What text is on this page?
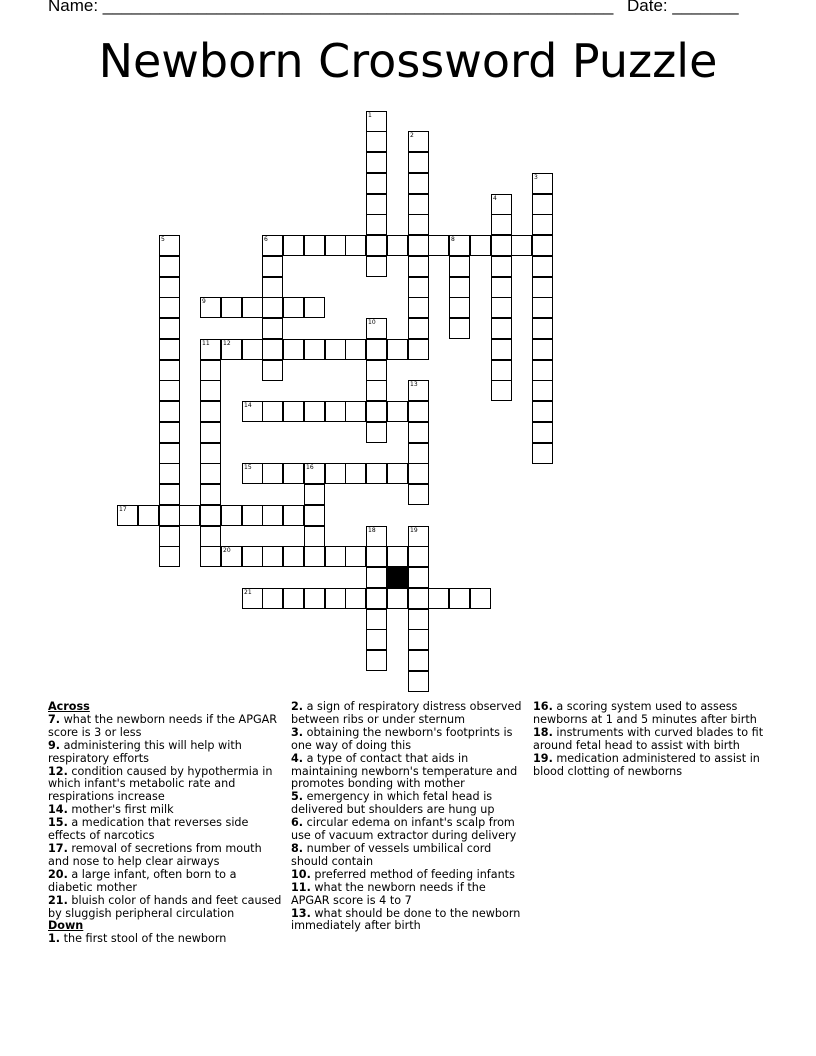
Name: ______________________________________________________ Date: _______
Newborn Crossword Puzzle
6	8
9
12
14
15	16
17
20
21
1
2
3
4
5
10
11
13
18	19

Across

7. what the newborn needs if the APGAR score is 3 or less

9. administering this will help with respiratory efforts

12. condition caused by hypothermia in which infant's metabolic rate and respirations increase

14. mother's first milk

15. a medication that reverses side effects of narcotics

17. removal of secretions from mouth and nose to help clear airways

20. a large infant, often born to a diabetic mother

21. bluish color of hands and feet caused by sluggish peripheral circulation

Down

1. the first stool of the newborn

2. a sign of respiratory distress observed between ribs or under sternum

3. obtaining the newborn's footprints is one way of doing this

4. a type of contact that aids in maintaining newborn's temperature and promotes bonding with mother

5. emergency in which fetal head is delivered but shoulders are hung up

6. circular edema on infant's scalp from use of vacuum extractor during delivery

8. number of vessels umbilical cord should contain

10. preferred method of feeding infants

11. what the newborn needs if the APGAR score is 4 to 7

13. what should be done to the newborn immediately after birth

16. a scoring system used to assess newborns at 1 and 5 minutes after birth

18. instruments with curved blades to fit around fetal head to assist with birth

19. medication administered to assist in blood clotting of newborns
